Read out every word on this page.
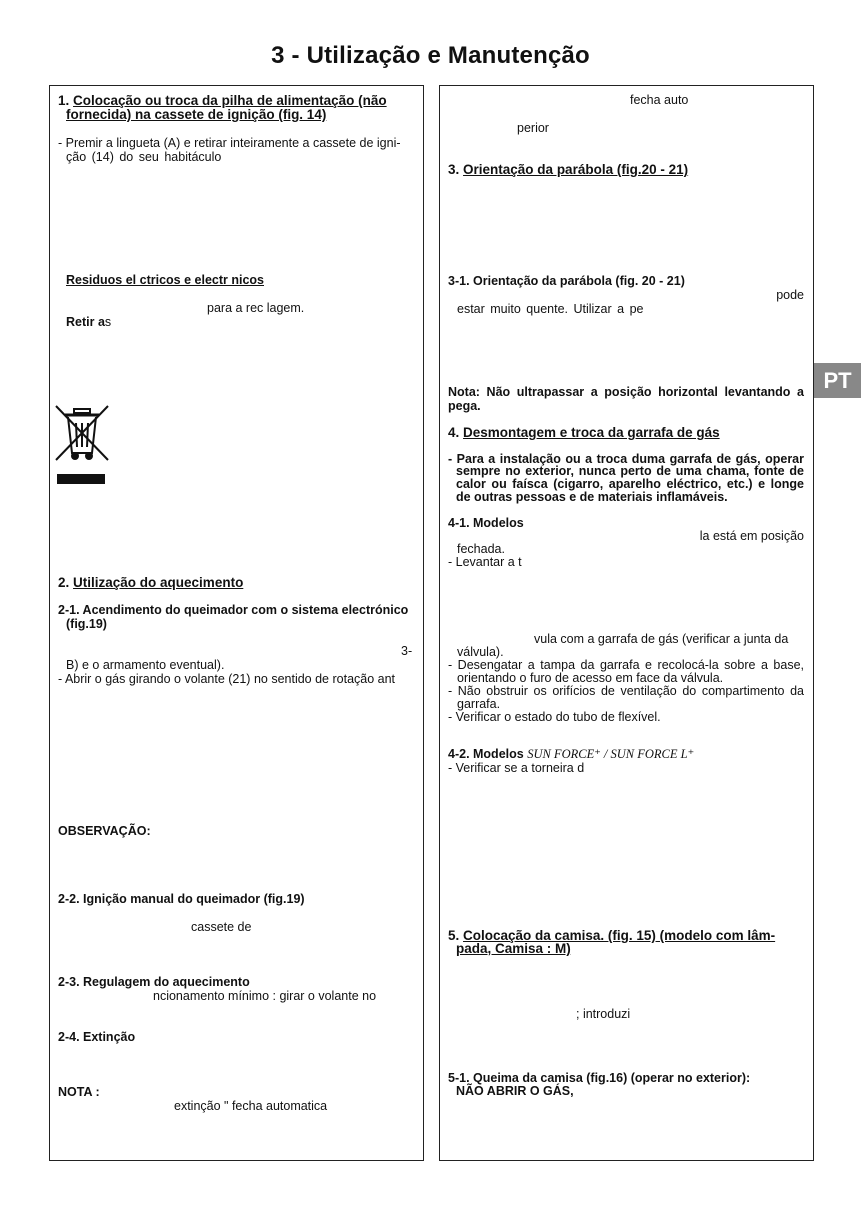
3 - Utilização e Manutenção
PT
1. Colocação ou troca da pilha de alimentação (não
fornecida) na cassete de ignição (fig. 14)
- Premir a lingueta (A) e retirar inteiramente a cassete de igni-
ção (14) do seu habitáculo
Residuos el ctricos e electr nicos
para a rec lagem.
Retir as
2. Utilização do aquecimento
2-1. Acendimento do queimador com o sistema electrónico
(fig.19)
3-
B) e o armamento eventual).
- Abrir o gás girando o volante (21) no sentido de rotação ant
OBSERVAÇÃO:
2-2. Ignição manual do queimador (fig.19)
cassete de
2-3. Regulagem do aquecimento
ncionamento mínimo : girar o volante no
2-4. Extinção
NOTA :
extinção " fecha automatica
fecha auto
perior
3. Orientação da parábola (fig.20 - 21)
3-1. Orientação da parábola (fig. 20 - 21)
pode
estar muito quente. Utilizar a pe
Nota: Não ultrapassar a posição horizontal levantando a
pega.
4. Desmontagem e troca da garrafa de gás
- Para a instalação ou a troca duma garrafa de gás, operar
sempre no exterior, nunca perto de uma chama, fonte de
calor ou faísca (cigarro, aparelho eléctrico, etc.) e longe
de outras pessoas e de materiais inflamáveis.
4-1. Modelos
la está em posição
fechada.
- Levantar a t
vula com a garrafa de gás (verificar a junta da
válvula).
- Desengatar a tampa da garrafa e recolocá-la sobre a base,
orientando o furo de acesso em face da válvula.
- Não obstruir os orifícios de ventilação do compartimento da
garrafa.
- Verificar o estado do tubo de flexível.
4-2. Modelos SUN FORCE⁺ / SUN FORCE L⁺
- Verificar se a torneira d
5. Colocação da camisa. (fig. 15) (modelo com lâm-
pada, Camisa : M)
; introduzi
5-1. Queima da camisa (fig.16) (operar no exterior):
NÃO ABRIR O GÁS,
